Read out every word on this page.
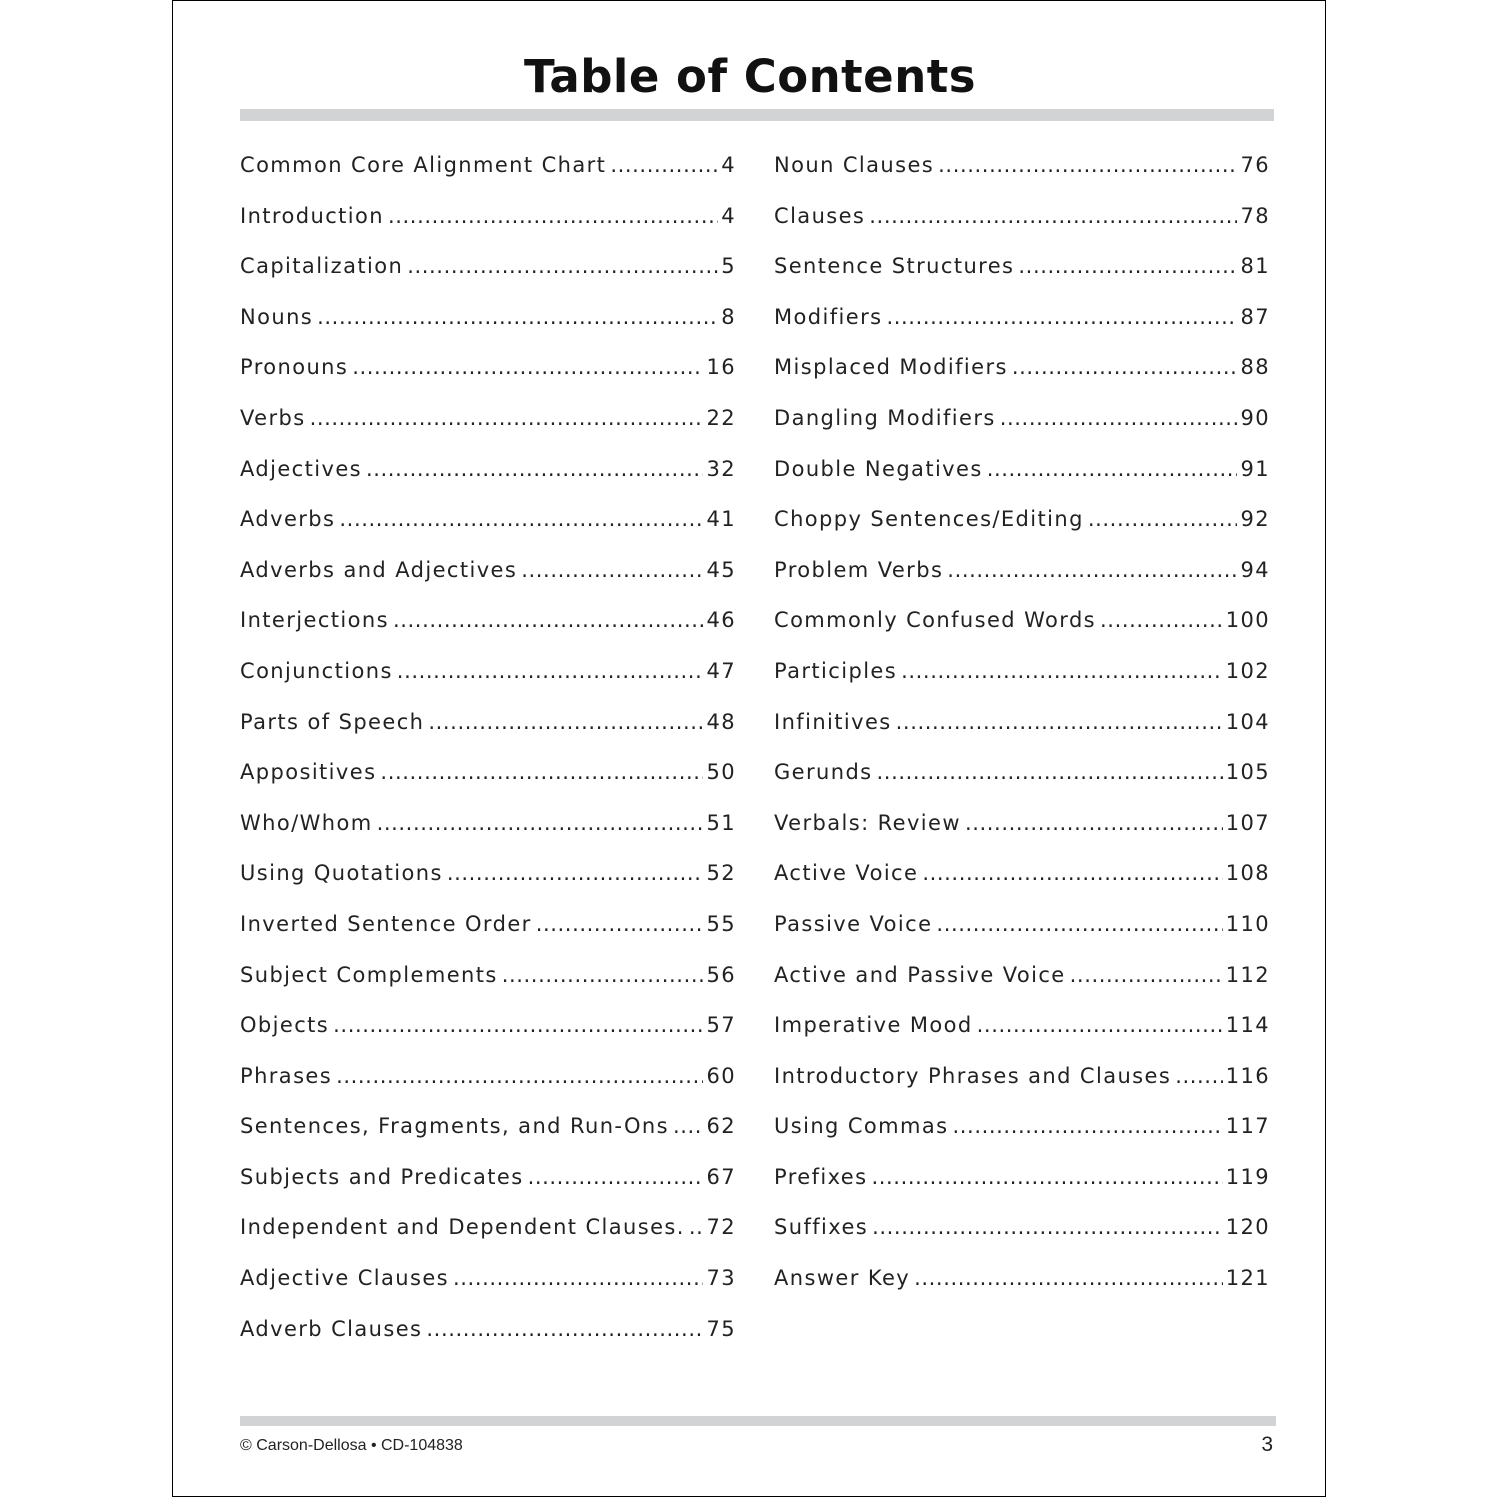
Table of Contents
Common Core Alignment Chart .....	4
Introduction .....	4
Capitalization .....	5
Nouns .....	8
Pronouns .....	16
Verbs .....	22
Adjectives .....	32
Adverbs .....	41
Adverbs and Adjectives .....	45
Interjections .....	46
Conjunctions .....	47
Parts of Speech .....	48
Appositives .....	50
Who/Whom .....	51
Using Quotations .....	52
Inverted Sentence Order .....	55
Subject Complements .....	56
Objects .....	57
Phrases .....	60
Sentences, Fragments, and Run-Ons ..... 62
Subjects and Predicates .....	67
Independent and Dependent Clauses. ..... 72
Adjective Clauses .....	73
Adverb Clauses .....	75
Noun Clauses .....	76
Clauses .....	78
Sentence Structures .....	81
Modifiers .....	87
Misplaced Modifiers .....	88
Dangling Modifiers .....	90
Double Negatives .....	91
Choppy Sentences/Editing .....	92
Problem Verbs .....	94
Commonly Confused Words .....	100
Participles .....	102
Infinitives .....	104
Gerunds .....	105
Verbals: Review .....	107
Active Voice .....	108
Passive Voice .....	110
Active and Passive Voice .....	112
Imperative Mood .....	114
Introductory Phrases and Clauses .....	116
Using Commas .....	117
Prefixes .....	119
Suffixes .....	120
Answer Key .....	121
© Carson-Dellosa • CD-104838	3
